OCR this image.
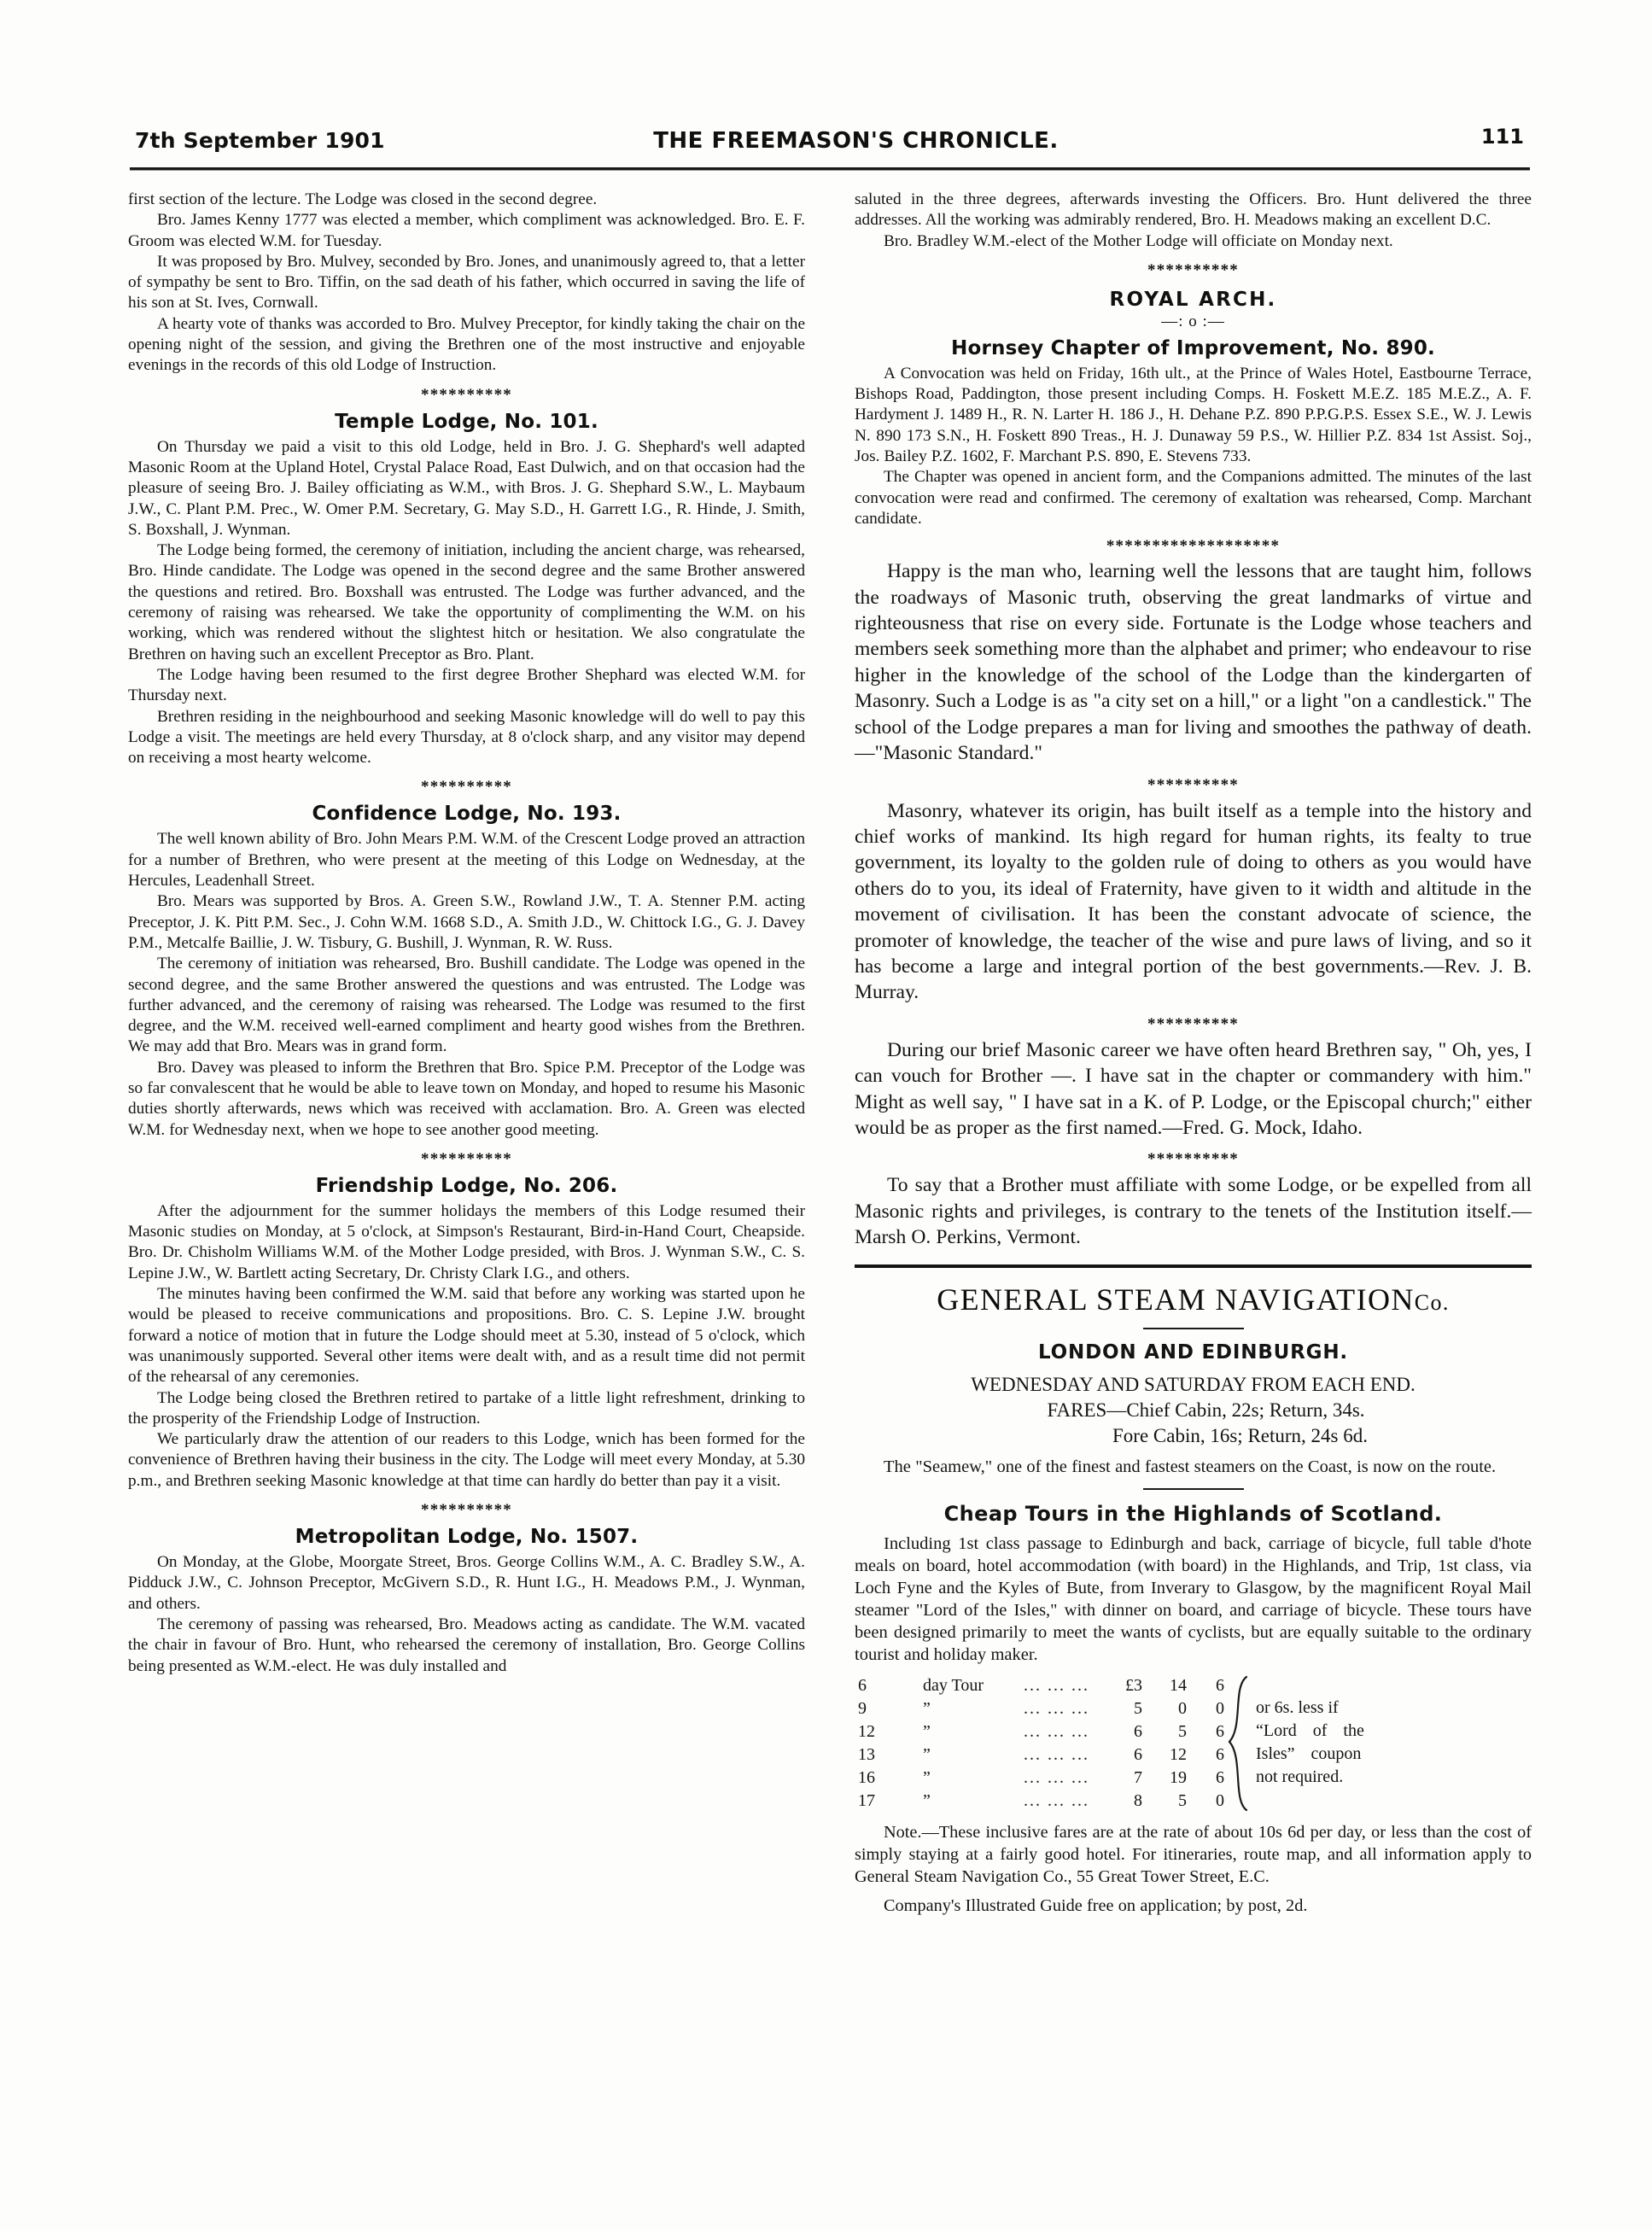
7th September 1901	THE FREEMASON'S CHRONICLE.	111

first section of the lecture. The Lodge was closed in the second degree.

Bro. James Kenny 1777 was elected a member, which compliment was acknowledged. Bro. E. F. Groom was elected W.M. for Tuesday.

It was proposed by Bro. Mulvey, seconded by Bro. Jones, and unanimously agreed to, that a letter of sympathy be sent to Bro. Tiffin, on the sad death of his father, which occurred in saving the life of his son at St. Ives, Cornwall.

A hearty vote of thanks was accorded to Bro. Mulvey Preceptor, for kindly taking the chair on the opening night of the session, and giving the Brethren one of the most instructive and enjoyable evenings in the records of this old Lodge of Instruction.

**********
Temple Lodge, No. 101.

On Thursday we paid a visit to this old Lodge, held in Bro. J. G. Shephard's well adapted Masonic Room at the Upland Hotel, Crystal Palace Road, East Dulwich, and on that occasion had the pleasure of seeing Bro. J. Bailey officiating as W.M., with Bros. J. G. Shephard S.W., L. Maybaum J.W., C. Plant P.M. Prec., W. Omer P.M. Secretary, G. May S.D., H. Garrett I.G., R. Hinde, J. Smith, S. Boxshall, J. Wynman.

The Lodge being formed, the ceremony of initiation, including the ancient charge, was rehearsed, Bro. Hinde candidate. The Lodge was opened in the second degree and the same Brother answered the questions and retired. Bro. Boxshall was entrusted. The Lodge was further advanced, and the ceremony of raising was rehearsed. We take the opportunity of complimenting the W.M. on his working, which was rendered without the slightest hitch or hesitation. We also congratulate the Brethren on having such an excellent Preceptor as Bro. Plant.

The Lodge having been resumed to the first degree Brother Shephard was elected W.M. for Thursday next.

Brethren residing in the neighbourhood and seeking Masonic knowledge will do well to pay this Lodge a visit. The meetings are held every Thursday, at 8 o'clock sharp, and any visitor may depend on receiving a most hearty welcome.

**********
Confidence Lodge, No. 193.

The well known ability of Bro. John Mears P.M. W.M. of the Crescent Lodge proved an attraction for a number of Brethren, who were present at the meeting of this Lodge on Wednesday, at the Hercules, Leadenhall Street.

Bro. Mears was supported by Bros. A. Green S.W., Rowland J.W., T. A. Stenner P.M. acting Preceptor, J. K. Pitt P.M. Sec., J. Cohn W.M. 1668 S.D., A. Smith J.D., W. Chittock I.G., G. J. Davey P.M., Metcalfe Baillie, J. W. Tisbury, G. Bushill, J. Wynman, R. W. Russ.

The ceremony of initiation was rehearsed, Bro. Bushill candidate. The Lodge was opened in the second degree, and the same Brother answered the questions and was entrusted. The Lodge was further advanced, and the ceremony of raising was rehearsed. The Lodge was resumed to the first degree, and the W.M. received well-earned compliment and hearty good wishes from the Brethren. We may add that Bro. Mears was in grand form.

Bro. Davey was pleased to inform the Brethren that Bro. Spice P.M. Preceptor of the Lodge was so far convalescent that he would be able to leave town on Monday, and hoped to resume his Masonic duties shortly afterwards, news which was received with acclamation. Bro. A. Green was elected W.M. for Wednesday next, when we hope to see another good meeting.

**********
Friendship Lodge, No. 206.

After the adjournment for the summer holidays the members of this Lodge resumed their Masonic studies on Monday, at 5 o'clock, at Simpson's Restaurant, Bird-in-Hand Court, Cheapside. Bro. Dr. Chisholm Williams W.M. of the Mother Lodge presided, with Bros. J. Wynman S.W., C. S. Lepine J.W., W. Bartlett acting Secretary, Dr. Christy Clark I.G., and others.

The minutes having been confirmed the W.M. said that before any working was started upon he would be pleased to receive communications and propositions. Bro. C. S. Lepine J.W. brought forward a notice of motion that in future the Lodge should meet at 5.30, instead of 5 o'clock, which was unanimously supported. Several other items were dealt with, and as a result time did not permit of the rehearsal of any ceremonies.

The Lodge being closed the Brethren retired to partake of a little light refreshment, drinking to the prosperity of the Friendship Lodge of Instruction.

We particularly draw the attention of our readers to this Lodge, wnich has been formed for the convenience of Brethren having their business in the city. The Lodge will meet every Monday, at 5.30 p.m., and Brethren seeking Masonic knowledge at that time can hardly do better than pay it a visit.

**********
Metropolitan Lodge, No. 1507.

On Monday, at the Globe, Moorgate Street, Bros. George Collins W.M., A. C. Bradley S.W., A. Pidduck J.W., C. Johnson Preceptor, McGivern S.D., R. Hunt I.G., H. Meadows P.M., J. Wynman, and others.

The ceremony of passing was rehearsed, Bro. Meadows acting as candidate. The W.M. vacated the chair in favour of Bro. Hunt, who rehearsed the ceremony of installation, Bro. George Collins being presented as W.M.-elect. He was duly installed and

saluted in the three degrees, afterwards investing the Officers. Bro. Hunt delivered the three addresses. All the working was admirably rendered, Bro. H. Meadows making an excellent D.C.

Bro. Bradley W.M.-elect of the Mother Lodge will officiate on Monday next.

**********
ROYAL ARCH.
—: o :—
Hornsey Chapter of Improvement, No. 890.

A Convocation was held on Friday, 16th ult., at the Prince of Wales Hotel, Eastbourne Terrace, Bishops Road, Paddington, those present including Comps. H. Foskett M.E.Z. 185 M.E.Z., A. F. Hardyment J. 1489 H., R. N. Larter H. 186 J., H. Dehane P.Z. 890 P.P.G.P.S. Essex S.E., W. J. Lewis N. 890 173 S.N., H. Foskett 890 Treas., H. J. Dunaway 59 P.S., W. Hillier P.Z. 834 1st Assist. Soj., Jos. Bailey P.Z. 1602, F. Marchant P.S. 890, E. Stevens 733.

The Chapter was opened in ancient form, and the Companions admitted. The minutes of the last convocation were read and confirmed. The ceremony of exaltation was rehearsed, Comp. Marchant candidate.

*******************

Happy is the man who, learning well the lessons that are taught him, follows the roadways of Masonic truth, observing the great landmarks of virtue and righteousness that rise on every side. Fortunate is the Lodge whose teachers and members seek something more than the alphabet and primer; who endeavour to rise higher in the knowledge of the school of the Lodge than the kindergarten of Masonry. Such a Lodge is as "a city set on a hill," or a light "on a candlestick." The school of the Lodge prepares a man for living and smoothes the pathway of death.—"Masonic Standard."

**********

Masonry, whatever its origin, has built itself as a temple into the history and chief works of mankind. Its high regard for human rights, its fealty to true government, its loyalty to the golden rule of doing to others as you would have others do to you, its ideal of Fraternity, have given to it width and altitude in the movement of civilisation. It has been the constant advocate of science, the promoter of knowledge, the teacher of the wise and pure laws of living, and so it has become a large and integral portion of the best governments.—Rev. J. B. Murray.

**********

During our brief Masonic career we have often heard Brethren say, " Oh, yes, I can vouch for Brother —. I have sat in the chapter or commandery with him." Might as well say, " I have sat in a K. of P. Lodge, or the Episcopal church;" either would be as proper as the first named.—Fred. G. Mock, Idaho.

**********

To say that a Brother must affiliate with some Lodge, or be expelled from all Masonic rights and privileges, is contrary to the tenets of the Institution itself.—Marsh O. Perkins, Vermont.

GENERAL STEAM NAVIGATIONCo.
LONDON AND EDINBURGH.
WEDNESDAY AND SATURDAY FROM EACH END.
FARES—Chief Cabin, 22s; Return, 34s.
Fore Cabin, 16s; Return, 24s 6d.

The "Seamew," one of the finest and fastest steamers on the Coast, is now on the route.

Cheap Tours in the Highlands of Scotland.

Including 1st class passage to Edinburgh and back, carriage of bicycle, full table d'hote meals on board, hotel accommodation (with board) in the Highlands, and Trip, 1st class, via Loch Fyne and the Kyles of Bute, from Inverary to Glasgow, by the magnificent Royal Mail steamer "Lord of the Isles," with dinner on board, and carriage of bicycle. These tours have been designed primarily to meet the wants of cyclists, but are equally suitable to the ordinary tourist and holiday maker.

6	day Tour	... ... ...	£3	14	6	

9	”	... ... ...	5	0	0	
12	”	... ... ...	6	5	6	
13	”	... ... ...	6	12	6	
16	”	... ... ...	7	19	6	
17	”	... ... ...	8	5	0	
or 6s. less if
“Lord of the
Isles” coupon
not required.

Note.—These inclusive fares are at the rate of about 10s 6d per day, or less than the cost of simply staying at a fairly good hotel. For itineraries, route map, and all information apply to General Steam Navigation Co., 55 Great Tower Street, E.C.

Company's Illustrated Guide free on application; by post, 2d.
